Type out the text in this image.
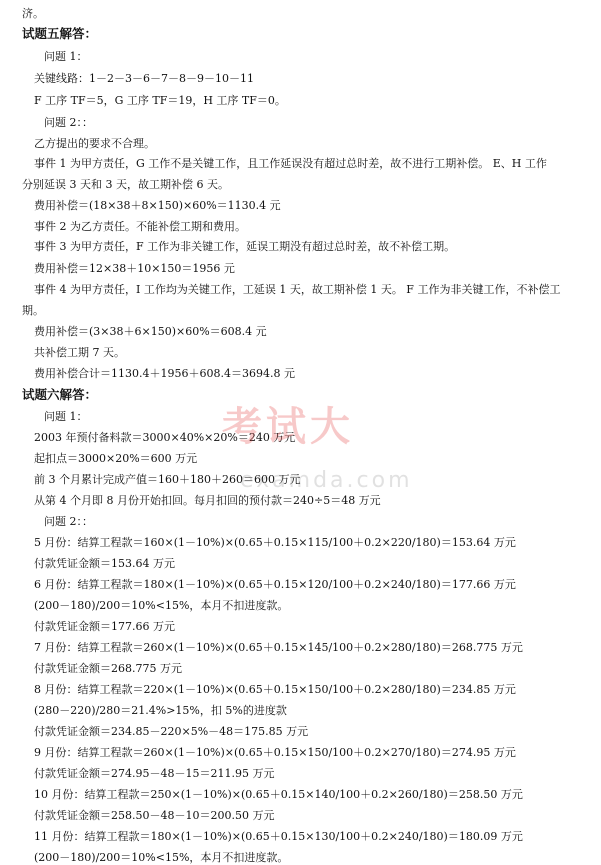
济。
试题五解答：
问题 1：
关键线路：1－2－3－6－7－8－9－10－11
F 工序 TF＝5，G 工序 TF＝19，H 工序 TF＝0。
问题 2：：
乙方提出的要求不合理。
事件 1 为甲方责任，G 工作不是关键工作，且工作延误没有超过总时差，故不进行工期补偿。 E、H 工作
分别延误 3 天和 3 天，故工期补偿 6 天。
费用补偿＝(18×38＋8×150)×60%＝1130.4 元
事件 2 为乙方责任。不能补偿工期和费用。
事件 3 为甲方责任，F 工作为非关键工作，延误工期没有超过总时差，故不补偿工期。
费用补偿＝12×38＋10×150＝1956 元
事件 4 为甲方责任，I 工作均为关键工作，工延误 1 天，故工期补偿 1 天。 F 工作为非关键工作，不补偿工
期。
费用补偿＝(3×38＋6×150)×60%＝608.4 元
共补偿工期 7 天。
费用补偿合计＝1130.4＋1956＋608.4＝3694.8 元
试题六解答：
问题 1：
2003 年预付备料款＝3000×40%×20%＝240 万元
起扣点＝3000×20%＝600 万元
前 3 个月累计完成产值＝160＋180＋260＝600 万元
从第 4 个月即 8 月份开始扣回。每月扣回的预付款＝240÷5＝48 万元
问题 2：：
5 月份：结算工程款＝160×(1－10%)×(0.65＋0.15×115/100＋0.2×220/180)＝153.64 万元
付款凭证金额＝153.64 万元
6 月份：结算工程款＝180×(1－10%)×(0.65＋0.15×120/100＋0.2×240/180)＝177.66 万元
(200－180)/200＝10%<15%，本月不扣进度款。
付款凭证金额＝177.66 万元
7 月份：结算工程款＝260×(1－10%)×(0.65＋0.15×145/100＋0.2×280/180)＝268.775 万元
付款凭证金额＝268.775 万元
8 月份：结算工程款＝220×(1－10%)×(0.65＋0.15×150/100＋0.2×280/180)＝234.85 万元
(280－220)/280＝21.4%>15%，扣 5%的进度款
付款凭证金额＝234.85－220×5%－48＝175.85 万元
9 月份：结算工程款＝260×(1－10%)×(0.65＋0.15×150/100＋0.2×270/180)＝274.95 万元
付款凭证金额＝274.95－48－15＝211.95 万元
10 月份：结算工程款＝250×(1－10%)×(0.65＋0.15×140/100＋0.2×260/180)＝258.50 万元
付款凭证金额＝258.50－48－10＝200.50 万元
11 月份：结算工程款＝180×(1－10%)×(0.65＋0.15×130/100＋0.2×240/180)＝180.09 万元
(200－180)/200＝10%<15%，本月不扣进度款。
考试大
examda.com
